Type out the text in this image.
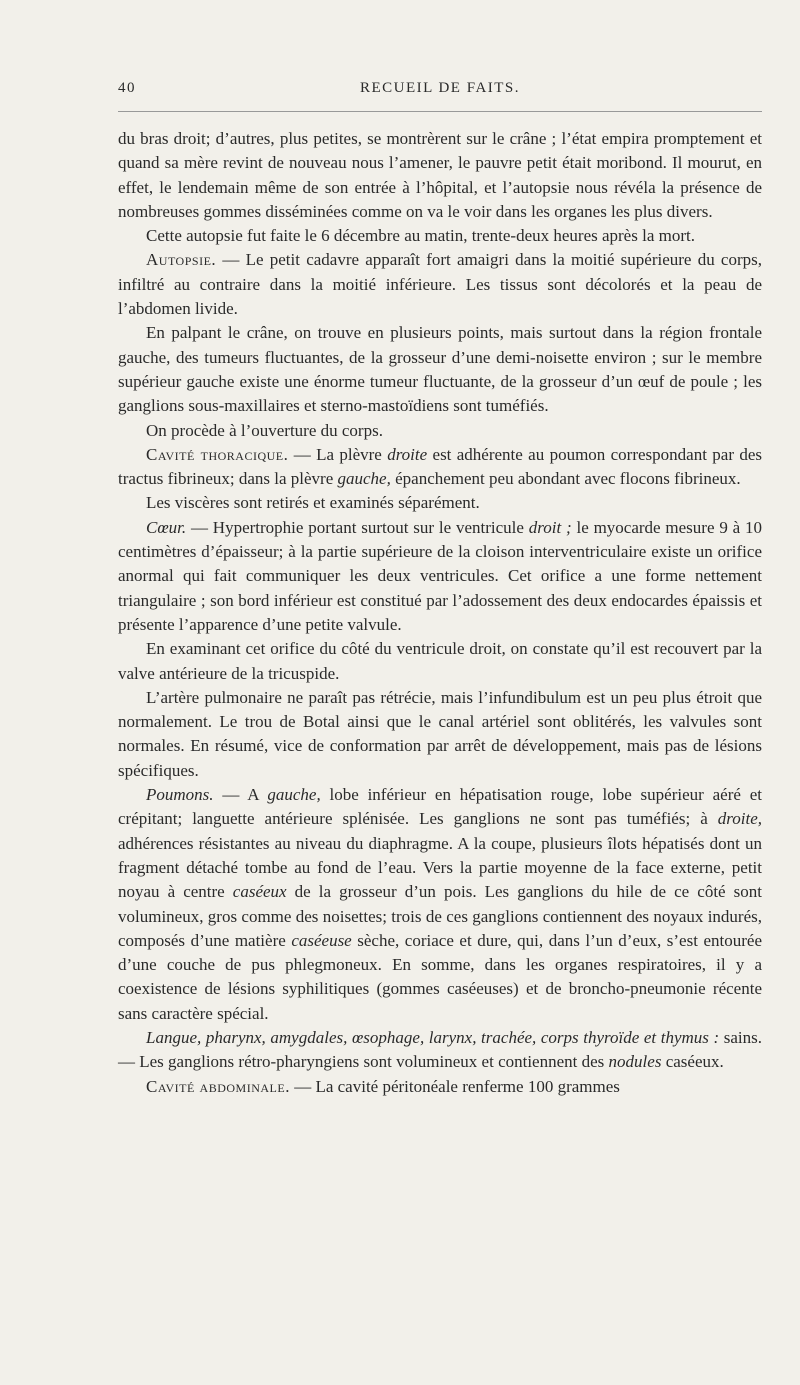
40	RECUEIL DE FAITS.

du bras droit; d’autres, plus petites, se montrèrent sur le crâne ; l’état empira promptement et quand sa mère revint de nouveau nous l’amener, le pauvre petit était moribond. Il mourut, en effet, le lendemain même de son entrée à l’hôpital, et l’autopsie nous révéla la présence de nombreuses gommes disséminées comme on va le voir dans les organes les plus divers.

Cette autopsie fut faite le 6 décembre au matin, trente-deux heures après la mort.

Autopsie. — Le petit cadavre apparaît fort amaigri dans la moitié supérieure du corps, infiltré au contraire dans la moitié inférieure. Les tissus sont décolorés et la peau de l’abdomen livide.

En palpant le crâne, on trouve en plusieurs points, mais surtout dans la région frontale gauche, des tumeurs fluctuantes, de la grosseur d’une demi-noisette environ ; sur le membre supérieur gauche existe une énorme tumeur fluctuante, de la grosseur d’un œuf de poule ; les ganglions sous-maxillaires et sterno-mastoïdiens sont tuméfiés.

On procède à l’ouverture du corps.

Cavité thoracique. — La plèvre droite est adhérente au poumon correspondant par des tractus fibrineux; dans la plèvre gauche, épanchement peu abondant avec flocons fibrineux.

Les viscères sont retirés et examinés séparément.

Cœur. — Hypertrophie portant surtout sur le ventricule droit ; le myocarde mesure 9 à 10 centimètres d’épaisseur; à la partie supérieure de la cloison interventriculaire existe un orifice anormal qui fait communiquer les deux ventricules. Cet orifice a une forme nettement triangulaire ; son bord inférieur est constitué par l’adossement des deux endocardes épaissis et présente l’apparence d’une petite valvule.

En examinant cet orifice du côté du ventricule droit, on constate qu’il est recouvert par la valve antérieure de la tricuspide.

L’artère pulmonaire ne paraît pas rétrécie, mais l’infundibulum est un peu plus étroit que normalement. Le trou de Botal ainsi que le canal artériel sont oblitérés, les valvules sont normales. En résumé, vice de conformation par arrêt de développement, mais pas de lésions spécifiques.

Poumons. — A gauche, lobe inférieur en hépatisation rouge, lobe supérieur aéré et crépitant; languette antérieure splénisée. Les ganglions ne sont pas tuméfiés; à droite, adhérences résistantes au niveau du diaphragme. A la coupe, plusieurs îlots hépatisés dont un fragment détaché tombe au fond de l’eau. Vers la partie moyenne de la face externe, petit noyau à centre caséeux de la grosseur d’un pois. Les ganglions du hile de ce côté sont volumineux, gros comme des noisettes; trois de ces ganglions contiennent des noyaux indurés, composés d’une matière caséeuse sèche, coriace et dure, qui, dans l’un d’eux, s’est entourée d’une couche de pus phlegmoneux. En somme, dans les organes respiratoires, il y a coexistence de lésions syphilitiques (gommes caséeuses) et de broncho-pneumonie récente sans caractère spécial.

Langue, pharynx, amygdales, œsophage, larynx, trachée, corps thyroïde et thymus : sains. — Les ganglions rétro-pharyngiens sont volumineux et contiennent des nodules caséeux.

Cavité abdominale. — La cavité péritonéale renferme 100 grammes
